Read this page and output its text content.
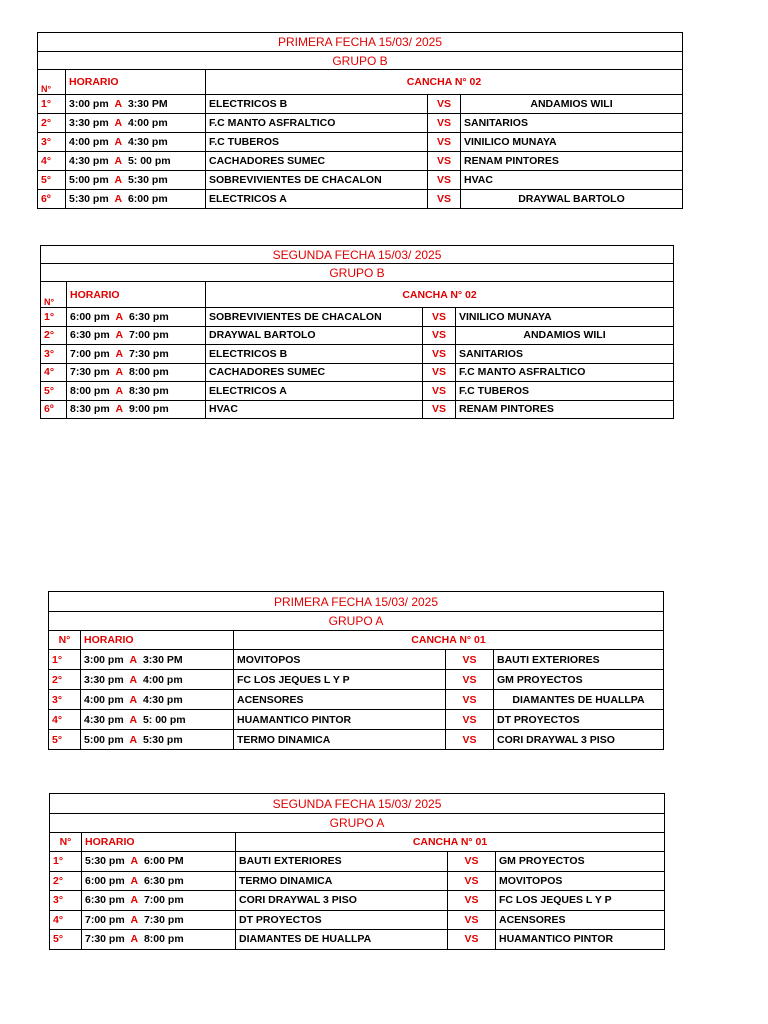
PRIMERA FECHA 15/03/ 2025				
GRUPO B				
N°	HORARIO	CANCHA N° 02		
1°	3:00 pm A 3:30 PM	ELECTRICOS B	VS	ANDAMIOS WILI
2°	3:30 pm A 4:00 pm	F.C MANTO ASFRALTICO	VS	SANITARIOS
3°	4:00 pm A 4:30 pm	F.C TUBEROS	VS	VINILICO MUNAYA
4°	4:30 pm A 5: 00 pm	CACHADORES SUMEC	VS	RENAM PINTORES
5°	5:00 pm A 5:30 pm	SOBREVIVIENTES DE CHACALON	VS	HVAC
6º	5:30 pm A 6:00 pm	ELECTRICOS A	VS	DRAYWAL BARTOLO
SEGUNDA FECHA 15/03/ 2025				
GRUPO B				
N°	HORARIO	CANCHA N° 02		
1°	6:00 pm A 6:30 pm	SOBREVIVIENTES DE CHACALON	VS	VINILICO MUNAYA
2°	6:30 pm A 7:00 pm	DRAYWAL BARTOLO	VS	ANDAMIOS WILI
3°	7:00 pm A 7:30 pm	ELECTRICOS B	VS	SANITARIOS
4°	7:30 pm A 8:00 pm	CACHADORES SUMEC	VS	F.C MANTO ASFRALTICO
5°	8:00 pm A 8:30 pm	ELECTRICOS A	VS	F.C TUBEROS
6º	8:30 pm A 9:00 pm	HVAC	VS	RENAM PINTORES
PRIMERA FECHA 15/03/ 2025				
GRUPO A				
N°	HORARIO	CANCHA N° 01		
1°	3:00 pm A 3:30 PM	MOVITOPOS	VS	BAUTI EXTERIORES
2°	3:30 pm A 4:00 pm	FC LOS JEQUES L Y P	VS	GM PROYECTOS
3°	4:00 pm A 4:30 pm	ACENSORES	VS	DIAMANTES DE HUALLPA
4°	4:30 pm A 5: 00 pm	HUAMANTICO PINTOR	VS	DT PROYECTOS
5°	5:00 pm A 5:30 pm	TERMO DINAMICA	VS	CORI DRAYWAL 3 PISO
SEGUNDA FECHA 15/03/ 2025				
GRUPO A				
N°	HORARIO	CANCHA N° 01		
1°	5:30 pm A 6:00 PM	BAUTI EXTERIORES	VS	GM PROYECTOS
2°	6:00 pm A 6:30 pm	TERMO DINAMICA	VS	MOVITOPOS
3°	6:30 pm A 7:00 pm	CORI DRAYWAL 3 PISO	VS	FC LOS JEQUES L Y P
4°	7:00 pm A 7:30 pm	DT PROYECTOS	VS	ACENSORES
5°	7:30 pm A 8:00 pm	DIAMANTES DE HUALLPA	VS	HUAMANTICO PINTOR
